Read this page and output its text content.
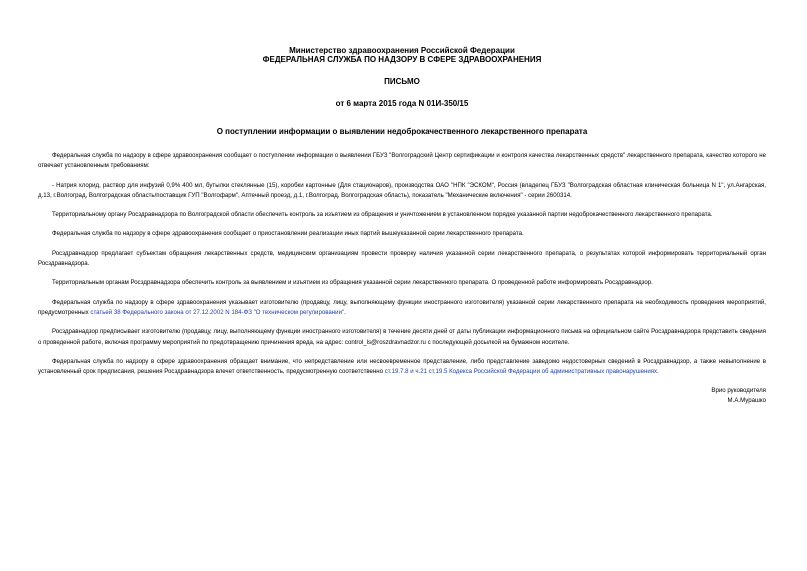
Министерство здравоохранения Российской Федерации
ФЕДЕРАЛЬНАЯ СЛУЖБА ПО НАДЗОРУ В СФЕРЕ ЗДРАВООХРАНЕНИЯ
ПИСЬМО
от 6 марта 2015 года N 01И-350/15
О поступлении информации о выявлении недоброкачественного лекарственного препарата

Федеральная служба по надзору в сфере здравоохранения сообщает о поступлении информации о выявлении ГБУЗ "Волгоградский Центр сертификации и контроля качества лекарственных средств" лекарственного препарата, качество которого не отвечает установленным требованиям:

- Натрия хлорид, раствор для инфузий 0,9% 400 мл, бутылки стеклянные (15), коробки картонные (Для стационаров), производства ОАО "НПК "ЭСКОМ", Россия (владелец ГБУЗ "Волгоградская областная клиническая больница N 1", ул.Ангарская, д.13, г.Волгоград, Волгоградская область/поставщик ГУП "Волгофарм", Аптечный проезд, д.1, г.Волгоград, Волгоградская область), показатель "Механические включения" - серии 2600314.

Территориальному органу Росздравнадзора по Волгоградской области обеспечить контроль за изъятием из обращения и уничтожением в установленном порядке указанной партии недоброкачественного лекарственного препарата.

Федеральная служба по надзору в сфере здравоохранения сообщает о приостановлении реализации иных партий вышеуказанной серии лекарственного препарата.

Росздравнадзор предлагает субъектам обращения лекарственных средств, медицинским организациям провести проверку наличия указанной серии лекарственного препарата, о результатах которой информировать территориальный орган Росздравнадзора.

Территориальным органам Росздравнадзора обеспечить контроль за выявлением и изъятием из обращения указанной серии лекарственного препарата. О проведенной работе информировать Росздравнадзор.

Федеральная служба по надзору в сфере здравоохранения указывает изготовителю (продавцу, лицу, выполняющему функции иностранного изготовителя) указанной серии лекарственного препарата на необходимость проведения мероприятий, предусмотренных статьей 38 Федерального закона от 27.12.2002 N 184-ФЗ "О техническом регулировании".

Росздравнадзор предписывает изготовителю (продавцу, лицу, выполняющему функции иностранного изготовителя) в течение десяти дней от даты публикации информационного письма на официальном сайте Росздравнадзора представить сведения о проведенной работе, включая программу мероприятий по предотвращению причинения вреда, на адрес: control_ls@roszdravnadzor.ru с последующей досылкой на бумажном носителе.

Федеральная служба по надзору в сфере здравоохранения обращает внимание, что непредставление или несвоевременное представление, либо представление заведомо недостоверных сведений в Росздравнадзор, а также невыполнение в установленный срок предписания, решения Росздравнадзора влечет ответственность, предусмотренную соответственно ст.19.7.8 и ч.21 ст.19.5 Кодекса Российской Федерации об административных правонарушениях.

Врио руководителя
М.А.Мурашко
